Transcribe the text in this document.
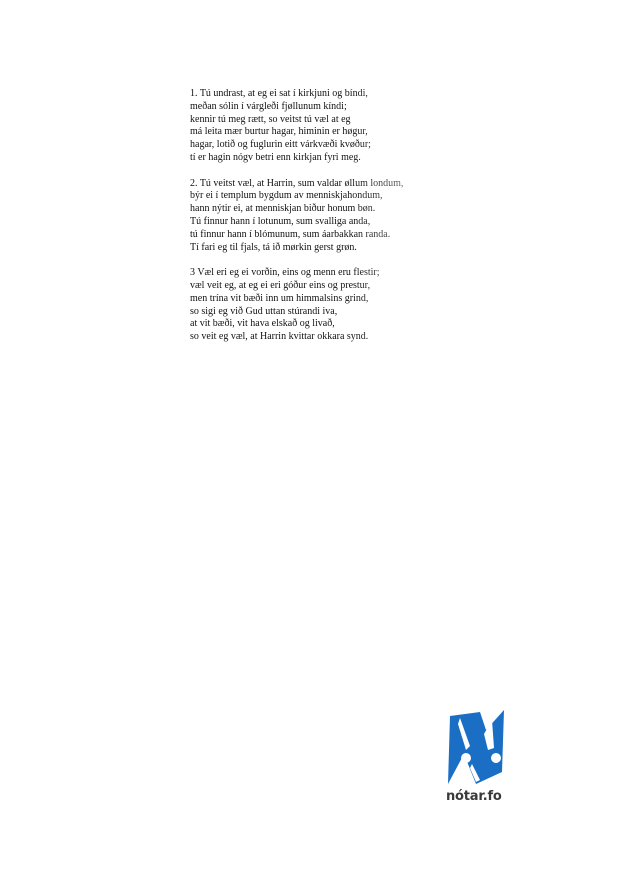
1. Tú undrast, at eg ei sat í kirkjuni og bíndi,
meðan sólin í várgleði fjøllunum kíndi;
kennir tú meg rætt, so veitst tú væl at eg
má leita mær burtur hagar, himinin er høgur,
hagar, lotið og fuglurin eitt várkvæði kvøður;
tí er hagin nógv betri enn kirkjan fyri meg.
2. Tú veitst væl, at Harrin, sum valdar øllum londum,
býr ei í templum bygdum av menniskjahondum,
hann nýtir ei, at menniskjan biður honum bøn.
Tú finnur hann í lotunum, sum svalliga anda,
tú finnur hann í blómunum, sum áarbakkan randa.
Tí fari eg til fjals, tá ið mørkin gerst grøn.
3 Væl eri eg ei vorðin, eins og menn eru flestir;
væl veit eg, at eg ei eri góður eins og prestur,
men trína vit bæði inn um himmalsins grind,
so sigi eg við Gud uttan stúrandi iva,
at vit bæði, vit hava elskað og livað,
so veit eg væl, at Harrin kvittar okkara synd.
nótar.fo
